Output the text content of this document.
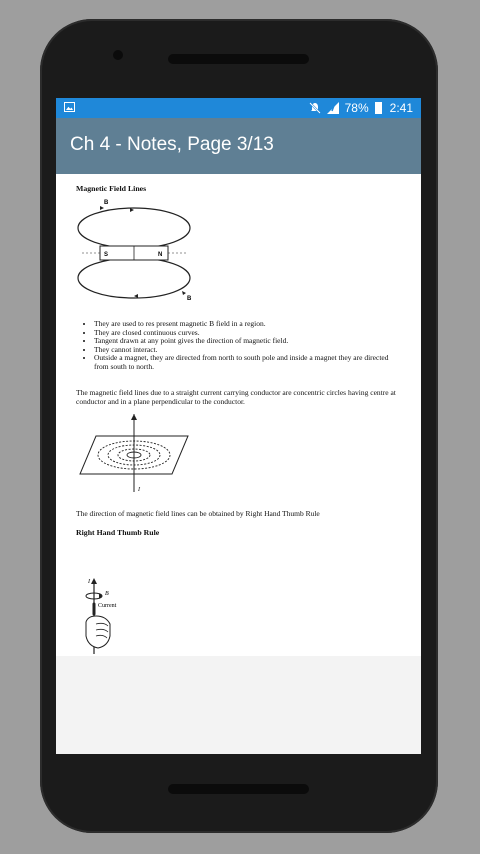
78% 2:41
Ch 4 - Notes, Page 3/13
Magnetic Field Lines
B
S	N
B
• They are used to res present magnetic B field in a region.
• They are closed continuous curves.
• Tangent drawn at any point gives the direction of magnetic field.
• They cannot interact.
• Outside a magnet, they are directed from north to south pole and inside a magnet they are directed from south to north.
The magnetic field lines due to a straight current carrying conductor are concentric circles having centre at conductor and in a plane perpendicular to the conductor.
I
The direction of magnetic field lines can be obtained by Right Hand Thumb Rule
Right Hand Thumb Rule
I
B
Current
